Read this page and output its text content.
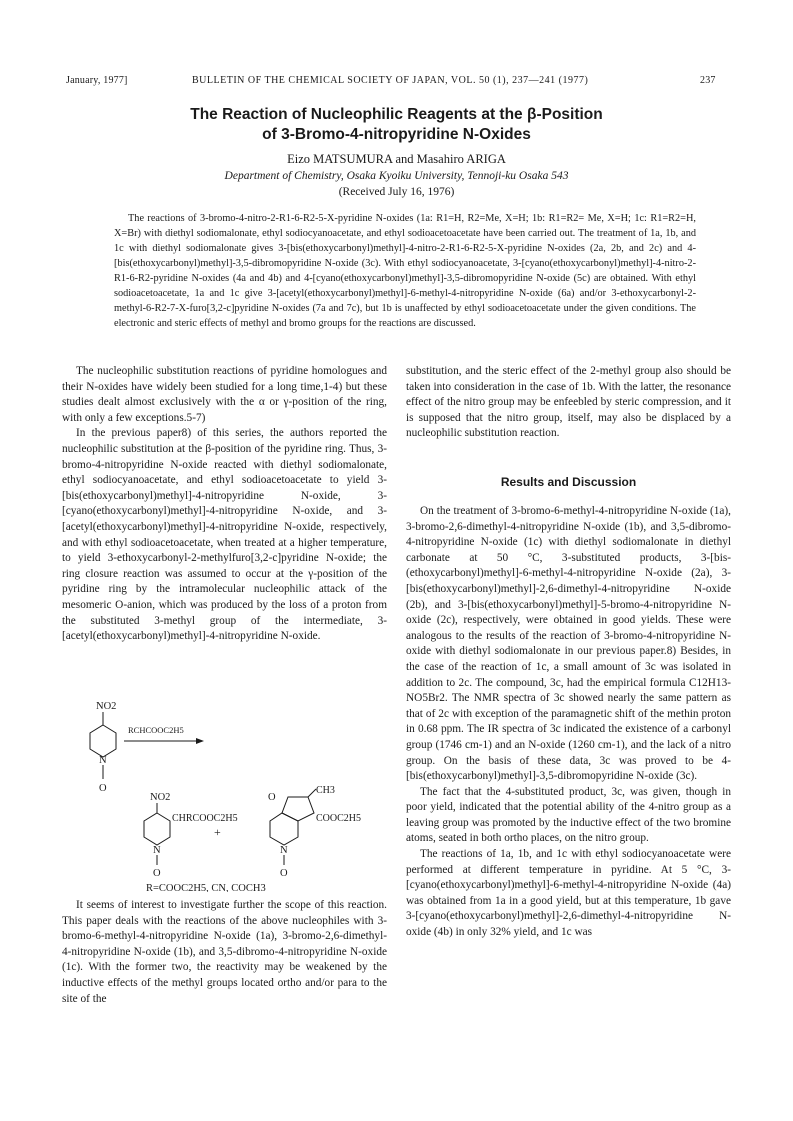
January, 1977]	BULLETIN OF THE CHEMICAL SOCIETY OF JAPAN, VOL. 50 (1), 237—241 (1977)	237
The Reaction of Nucleophilic Reagents at the β-Position
of 3-Bromo-4-nitropyridine N-Oxides
Eizo MATSUMURA and Masahiro ARIGA
Department of Chemistry, Osaka Kyoiku University, Tennoji-ku Osaka 543
(Received July 16, 1976)

The reactions of 3-bromo-4-nitro-2-R1-6-R2-5-X-pyridine N-oxides (1a: R1=H, R2=Me, X=H; 1b: R1=R2= Me, X=H; 1c: R1=R2=H, X=Br) with diethyl sodiomalonate, ethyl sodiocyanoacetate, and ethyl sodioacetoacetate have been carried out. The treatment of 1a, 1b, and 1c with diethyl sodiomalonate gives 3-[bis(ethoxycarbonyl)methyl]-4-nitro-2-R1-6-R2-5-X-pyridine N-oxides (2a, 2b, and 2c) and 4-[bis(ethoxycarbonyl)methyl]-3,5-dibromopyridine N-oxide (3c). With ethyl sodiocyanoacetate, 3-[cyano(ethoxycarbonyl)methyl]-4-nitro-2-R1-6-R2-pyridine N-oxides (4a and 4b) and 4-[cyano(ethoxycarbonyl)methyl]-3,5-dibromopyridine N-oxide (5c) are obtained. With ethyl sodioacetoacetate, 1a and 1c give 3-[acetyl(ethoxycarbonyl)methyl]-6-methyl-4-nitropyridine N-oxide (6a) and/or 3-ethoxycarbonyl-2-methyl-6-R2-7-X-furo[3,2-c]pyridine N-oxides (7a and 7c), but 1b is unaffected by ethyl sodioacetoacetate under the given conditions. The electronic and steric effects of methyl and bromo groups for the reactions are discussed.

The nucleophilic substitution reactions of pyridine homologues and their N-oxides have widely been studied for a long time,1-4) but these studies dealt almost exclusively with the α or γ-position of the ring, with only a few exceptions.5-7)

In the previous paper8) of this series, the authors reported the nucleophilic substitution at the β-position of the pyridine ring. Thus, 3-bromo-4-nitropyridine N-oxide reacted with diethyl sodiomalonate, ethyl sodiocyanoacetate, and ethyl sodioacetoacetate to yield 3-[bis(ethoxycarbonyl)methyl]-4-nitropyridine N-oxide, 3-[cyano(ethoxycarbonyl)methyl]-4-nitropyridine N-oxide, and 3-[acetyl(ethoxycarbonyl)methyl]-4-nitropyridine N-oxide, respectively, and with ethyl sodioacetoacetate, when treated at a higher temperature, to yield 3-ethoxycarbonyl-2-methylfuro[3,2-c]pyridine N-oxide; the ring closure reaction was assumed to occur at the γ-position of the pyridine ring by the intramolecular nucleophilic attack of the mesomeric O-anion, which was produced by the loss of a proton from the substituted 3-methyl group of the intermediate, 3-[acetyl(ethoxycarbonyl)methyl]-4-nitropyridine N-oxide.

NO2
N
O
RCHCOOC2H5
NO2
CHRCOOC2H5
N
O
+
O
CH3
COOC2H5
N
O
R=COOC2H5, CN, COCH3

It seems of interest to investigate further the scope of this reaction. This paper deals with the reactions of the above nucleophiles with 3-bromo-6-methyl-4-nitropyridine N-oxide (1a), 3-bromo-2,6-dimethyl-4-nitropyridine N-oxide (1b), and 3,5-dibromo-4-nitropyridine N-oxide (1c). With the former two, the reactivity may be weakened by the inductive effects of the methyl groups located ortho and/or para to the site of the

substitution, and the steric effect of the 2-methyl group also should be taken into consideration in the case of 1b. With the latter, the resonance effect of the nitro group may be enfeebled by steric compression, and it is supposed that the nitro group, itself, may also be displaced by a nucleophilic substitution reaction.

Results and Discussion

On the treatment of 3-bromo-6-methyl-4-nitropyridine N-oxide (1a), 3-bromo-2,6-dimethyl-4-nitropyridine N-oxide (1b), and 3,5-dibromo-4-nitropyridine N-oxide (1c) with diethyl sodiomalonate in diethyl carbonate at 50 °C, 3-substituted products, 3-[bis(ethoxycarbonyl)methyl]-6-methyl-4-nitropyridine N-oxide (2a), 3-[bis(ethoxycarbonyl)methyl]-2,6-dimethyl-4-nitropyridine N-oxide (2b), and 3-[bis(ethoxycarbonyl)methyl]-5-bromo-4-nitropyridine N-oxide (2c), respectively, were obtained in good yields. These were analogous to the results of the reaction of 3-bromo-4-nitropyridine N-oxide with diethyl sodiomalonate in our previous paper.8) Besides, in the case of the reaction of 1c, a small amount of 3c was isolated in addition to 2c. The compound, 3c, had the empirical formula C12H13-NO5Br2. The NMR spectra of 3c showed nearly the same pattern as that of 2c with exception of the paramagnetic shift of the methin proton in 0.68 ppm. The IR spectra of 3c indicated the existence of a carbonyl group (1746 cm-1) and an N-oxide (1260 cm-1), and the lack of a nitro group. On the basis of these data, 3c was proved to be 4-[bis(ethoxycarbonyl)methyl]-3,5-dibromopyridine N-oxide (3c).

The fact that the 4-substituted product, 3c, was given, though in poor yield, indicated that the potential ability of the 4-nitro group as a leaving group was promoted by the inductive effect of the two bromine atoms, seated in both ortho places, on the nitro group.

The reactions of 1a, 1b, and 1c with ethyl sodiocyanoacetate were performed at different temperature in pyridine. At 5 °C, 3-[cyano(ethoxycarbonyl)methyl]-6-methyl-4-nitropyridine N-oxide (4a) was obtained from 1a in a good yield, but at this temperature, 1b gave 3-[cyano(ethoxycarbonyl)methyl]-2,6-dimethyl-4-nitropyridine N-oxide (4b) in only 32% yield, and 1c was
